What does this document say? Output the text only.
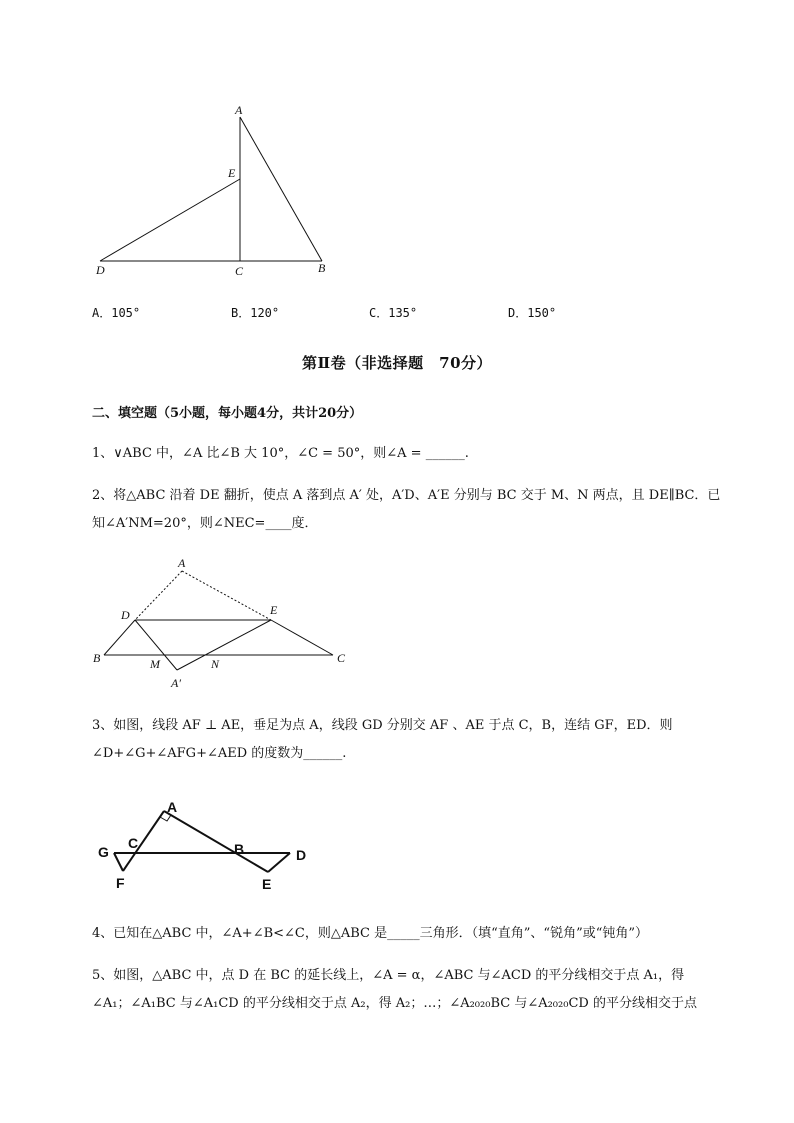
A
E
D	C	B
A．105°	B．120°	C．135°	D．150°
第Ⅱ卷（非选择题　70分）
二、填空题（5小题，每小题4分，共计20分）

1、∨ABC 中，∠A 比∠B 大 10°，∠C = 50°，则∠A = ______.

2、将△ABC 沿着 DE 翻折，使点 A 落到点 A′ 处，A′D、A′E 分别与 BC 交于 M、N 两点，且 DE∥BC．已

知∠A′NM=20°，则∠NEC=____度．

A
D	E
B	M	N	C
A′

3、如图，线段 AF ⊥ AE，垂足为点 A，线段 GD 分别交 AF 、AE 于点 C，B，连结 GF，ED．则

∠D+∠G+∠AFG+∠AED 的度数为______.

A
G
C	B	D
F	E

4、已知在△ABC 中，∠A+∠B<∠C，则△ABC 是_____三角形．（填“直角”、“锐角”或“钝角”）

5、如图，△ABC 中，点 D 在 BC 的延长线上，∠A = α，∠ABC 与∠ACD 的平分线相交于点 A₁，得

∠A₁；∠A₁BC 与∠A₁CD 的平分线相交于点 A₂，得 A₂；…；∠A₂₀₂₀BC 与∠A₂₀₂₀CD 的平分线相交于点
